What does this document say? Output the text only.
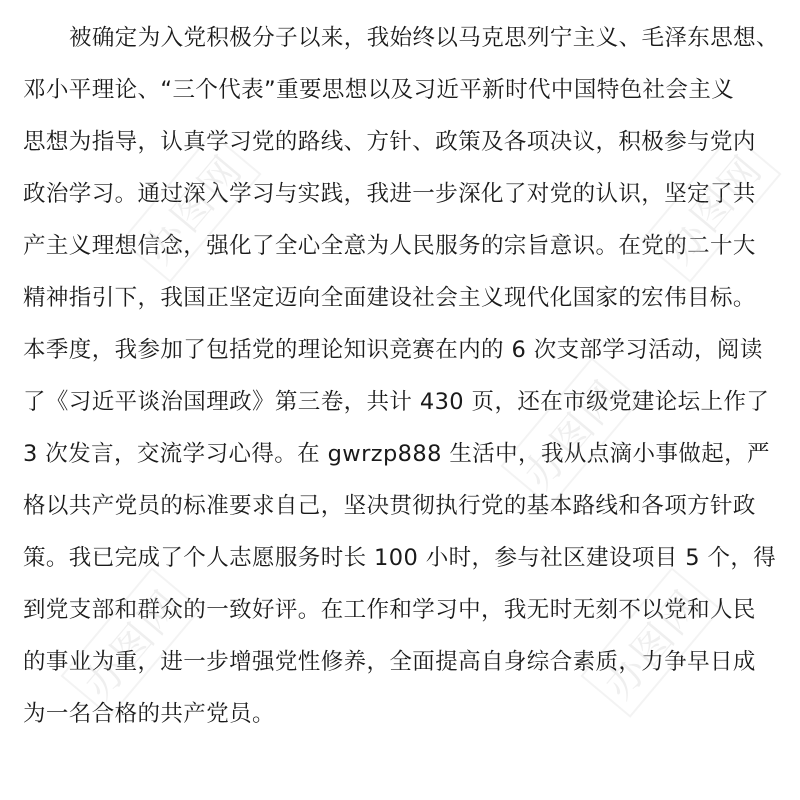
被确定为入党积极分子以来，我始终以马克思列宁主义、毛泽东思想、
邓小平理论、“三个代表”重要思想以及习近平新时代中国特色社会主义
思想为指导，认真学习党的路线、方针、政策及各项决议，积极参与党内
政治学习。通过深入学习与实践，我进一步深化了对党的认识，坚定了共
产主义理想信念，强化了全心全意为人民服务的宗旨意识。在党的二十大
精神指引下，我国正坚定迈向全面建设社会主义现代化国家的宏伟目标。
本季度，我参加了包括党的理论知识竞赛在内的 6 次支部学习活动，阅读
了《习近平谈治国理政》第三卷，共计 430 页，还在市级党建论坛上作了
3 次发言，交流学习心得。在 gwrzp888 生活中，我从点滴小事做起，严
格以共产党员的标准要求自己，坚决贯彻执行党的基本路线和各项方针政
策。我已完成了个人志愿服务时长 100 小时，参与社区建设项目 5 个，得
到党支部和群众的一致好评。在工作和学习中，我无时无刻不以党和人民
的事业为重，进一步增强党性修养，全面提高自身综合素质，力争早日成
为一名合格的共产党员。
办图网	办图网
办图网
办图网	办图网
